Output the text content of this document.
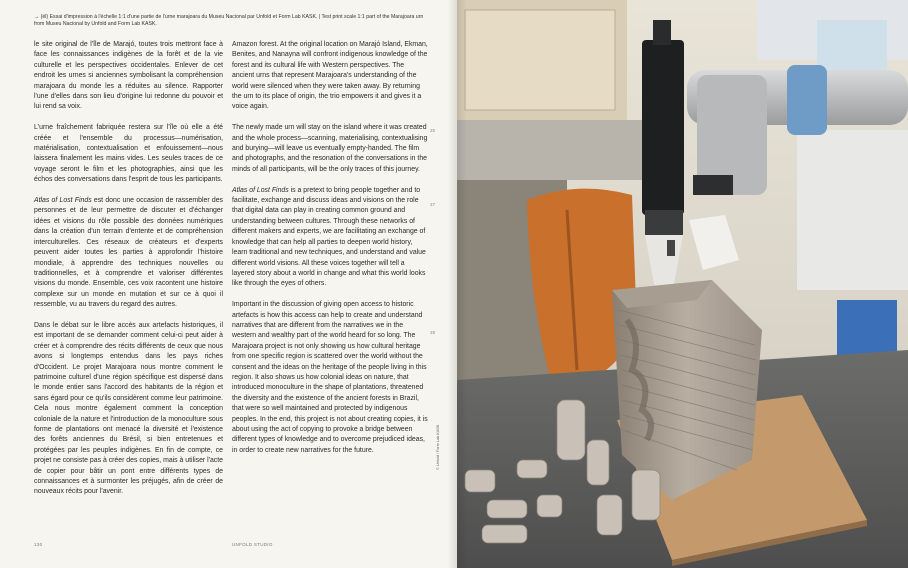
→ (él) Essai d'impression à l'échelle 1:1 d'une partie de l'urne marajoara du Museu Nacional par Unfold et Form Lab KASK. | Test print scale 1:1 part of the Marajoara urn from Museu Nacional by Unfold and Form Lab KASK.

le site original de l'île de Marajó, toutes trois mettront face à face les connaissances indigènes de la forêt et de la vie culturelle et les perspectives occidentales. Enlever de cet endroit les urnes si anciennes symbolisant la compréhension marajoara du monde les a réduites au silence. Rapporter l'une d'elles dans son lieu d'origine lui redonne du pouvoir et lui rend sa voix.

L'urne fraîchement fabriquée restera sur l'île où elle a été créée et l'ensemble du processus—numérisation, matérialisation, contextualisation et enfouissement—nous laissera finalement les mains vides. Les seules traces de ce voyage seront le film et les photographies, ainsi que les échos des conversations dans l'esprit de tous les participants.

Atlas of Lost Finds est donc une occasion de rassembler des personnes et de leur permettre de discuter et d'échanger idées et visions du rôle possible des données numériques dans la création d'un terrain d'entente et de compréhension interculturelles. Ces réseaux de créateurs et d'experts peuvent aider toutes les parties à approfondir l'histoire mondiale, à apprendre des techniques nouvelles ou traditionnelles, et à comprendre et valoriser différentes visions du monde. Ensemble, ces voix racontent une histoire complexe sur un monde en mutation et sur ce à quoi il ressemble, vu au travers du regard des autres.

Dans le débat sur le libre accès aux artefacts historiques, il est important de se demander comment celui-ci peut aider à créer et à comprendre des récits différents de ceux que nous avons si longtemps entendus dans les pays riches d'Occident. Le projet Marajoara nous montre comment le patrimoine culturel d'une région spécifique est dispersé dans le monde entier sans l'accord des habitants de la région et sans égard pour ce qu'ils considèrent comme leur patrimoine. Cela nous montre également comment la conception coloniale de la nature et l'introduction de la monoculture sous forme de plantations ont menacé la diversité et l'existence des forêts anciennes du Brésil, si bien entretenues et protégées par les peuples indigènes. En fin de compte, ce projet ne consiste pas à créer des copies, mais à utiliser l'acte de copier pour bâtir un pont entre différents types de connaissances et à surmonter les préjugés, afin de créer de nouveaux récits pour l'avenir.

Amazon forest. At the original location on Marajó Island, Ekman, Benites, and Nanayna will confront indigenous knowledge of the forest and its cultural life with Western perspectives. The ancient urns that represent Marajoara's understanding of the world were silenced when they were taken away. By returning the urn to its place of origin, the trio empowers it and gives it a voice again.

The newly made urn will stay on the island where it was created and the whole process—scanning, materialising, contextualising and burying—will leave us eventually empty-handed. The film and photographs, and the resonation of the conversations in the minds of all participants, will be the only traces of this journey.

Atlas of Lost Finds is a pretext to bring people together and to facilitate, exchange and discuss ideas and visions on the role that digital data can play in creating common ground and understanding between cultures. Through these networks of different makers and experts, we are facilitating an exchange of knowledge that can help all parties to deepen world history, learn traditional and new techniques, and understand and value different world visions. All these voices together will tell a layered story about a world in change and what this world looks like through the eyes of others.

Important in the discussion of giving open access to historic artefacts is how this access can help to create and understand narratives that are different from the narratives we in the western and wealthy part of the world heard for so long. The Marajoara project is not only showing us how cultural heritage from one specific region is scattered over the world without the consent and the ideas on the heritage of the people living in this region. It also shows us how colonial ideas on nature, that introduced monoculture in the shape of plantations, threatened the diversity and the existence of the ancient forests in Brazil, that were so well maintained and protected by indigenous peoples. In the end, this project is not about creating copies, it is about using the act of copying to provoke a bridge between different types of knowledge and to overcome prejudiced ideas, in order to create new narratives for the future.

25
27
28
130	UNFOLD STUDIO
© Unfold / Form Lab KASK
